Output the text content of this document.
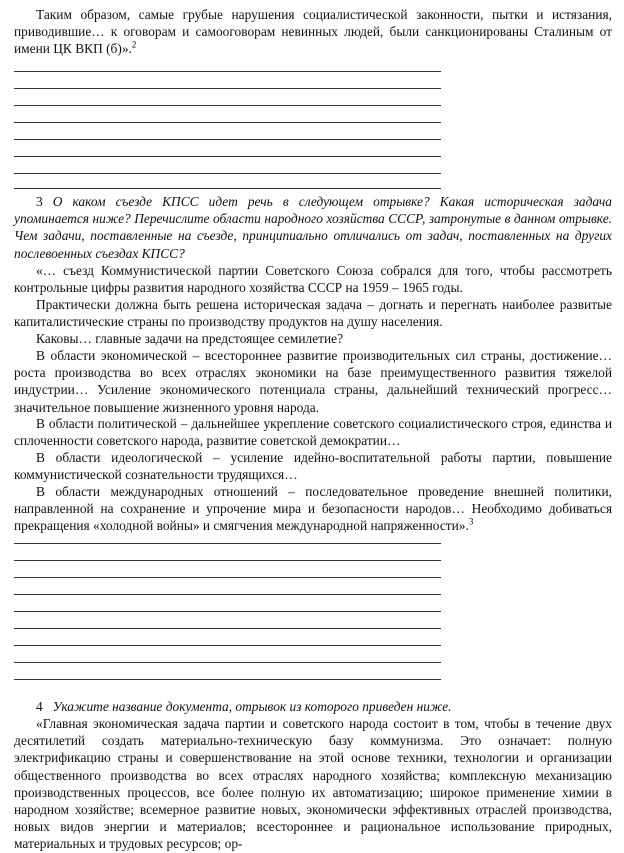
Таким образом, самые грубые нарушения социалистической законности, пытки и истязания, приводившие… к оговорам и самооговорам невинных людей, были санкционированы Сталиным от имени ЦК ВКП (б)».$^2$

3 О каком съезде КПСС идет речь в следующем отрывке? Какая историческая задача упоминается ниже? Перечислите области народного хозяйства СССР, затронутые в данном отрывке. Чем задачи, поставленные на съезде, принципиально отличались от задач, поставленных на других послевоенных съездах КПСС?

«… съезд Коммунистической партии Советского Союза собрался для того, чтобы рассмотреть контрольные цифры развития народного хозяйства СССР на 1959 – 1965 годы.

Практически должна быть решена историческая задача – догнать и перегнать наиболее развитые капиталистические страны по производству продуктов на душу населения.

Каковы… главные задачи на предстоящее семилетие?

В области экономической – всестороннее развитие производительных сил страны, достижение… роста производства во всех отраслях экономики на базе преимущественного развития тяжелой индустрии… Усиление экономического потенциала страны, дальнейший технический прогресс… значительное повышение жизненного уровня народа.

В области политической – дальнейшее укрепление советского социалистического строя, единства и сплоченности советского народа, развитие советской демократии…

В области идеологической – усиление идейно-воспитательной работы партии, повышение коммунистической сознательности трудящихся…

В области международных отношений – последовательное проведение внешней политики, направленной на сохранение и упрочение мира и безопасности народов… Необходимо добиваться прекращения «холодной войны» и смягчения международной напряженности».$^3$

4 Укажите название документа, отрывок из которого приведен ниже.

«Главная экономическая задача партии и советского народа состоит в том, чтобы в течение двух десятилетий создать материально-техническую базу коммунизма. Это означает: полную электрификацию страны и совершенствование на этой основе техники, технологии и организации общественного производства во всех отраслях народного хозяйства; комплексную механизацию производственных процессов, все более полную их автоматизацию; широкое применение химии в народном хозяйстве; всемерное развитие новых, экономически эффективных отраслей производства, новых видов энергии и материалов; всестороннее и рациональное использование природных, материальных и трудовых ресурсов; ор-
